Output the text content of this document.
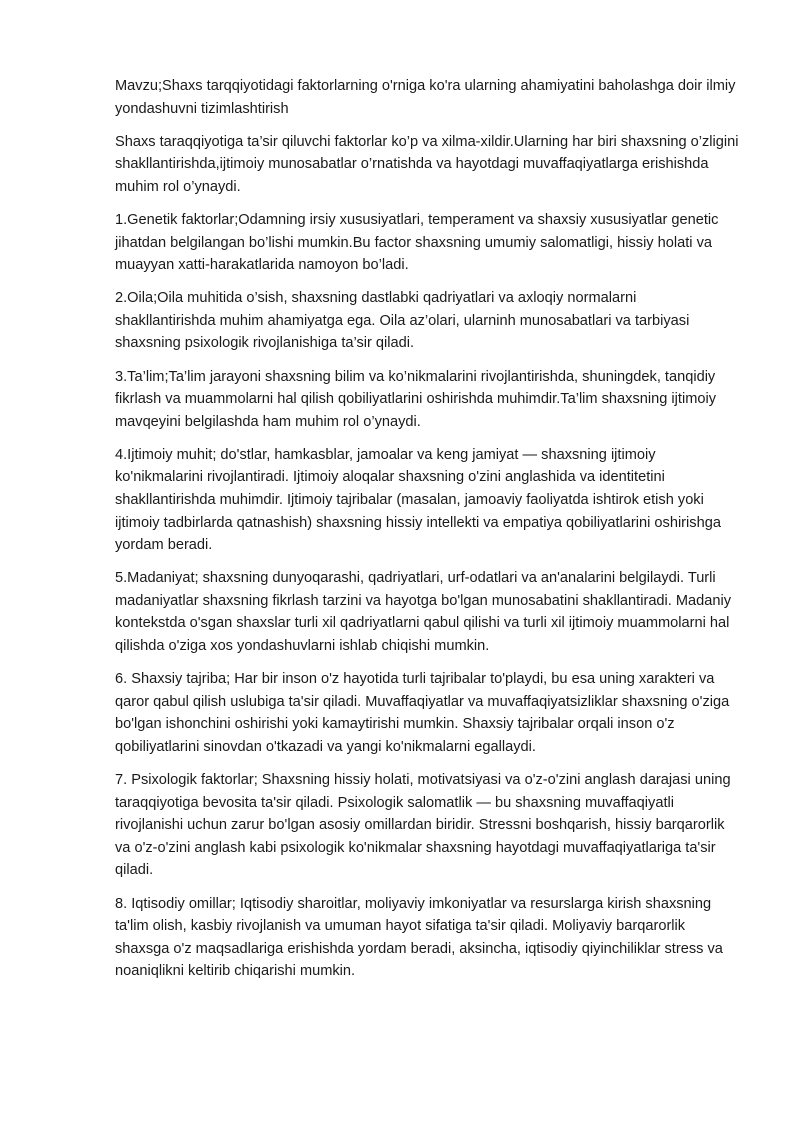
Mavzu;Shaxs tarqqiyotidagi faktorlarning o'rniga ko'ra ularning ahamiyatini baholashga doir ilmiy yondashuvni tizimlashtirish

Shaxs taraqqiyotiga ta’sir qiluvchi faktorlar ko’p va xilma-xildir.Ularning har biri shaxsning o’zligini shakllantirishda,ijtimoiy munosabatlar o’rnatishda va hayotdagi muvaffaqiyatlarga erishishda muhim rol o’ynaydi.

1.Genetik faktorlar;Odamning irsiy xususiyatlari, temperament va shaxsiy xususiyatlar genetic jihatdan belgilangan bo’lishi mumkin.Bu factor shaxsning umumiy salomatligi, hissiy holati va muayyan xatti-harakatlarida namoyon bo’ladi.

2.Oila;Oila muhitida o’sish, shaxsning dastlabki qadriyatlari va axloqiy normalarni shakllantirishda muhim ahamiyatga ega. Oila az’olari, ularninh munosabatlari va tarbiyasi shaxsning psixologik rivojlanishiga ta’sir qiladi.

3.Ta’lim;Ta’lim jarayoni shaxsning bilim va ko’nikmalarini rivojlantirishda, shuningdek, tanqidiy fikrlash va muammolarni hal qilish qobiliyatlarini oshirishda muhimdir.Ta’lim shaxsning ijtimoiy mavqeyini belgilashda ham muhim rol o’ynaydi.

4.Ijtimoiy muhit; do'stlar, hamkasblar, jamoalar va keng jamiyat — shaxsning ijtimoiy ko'nikmalarini rivojlantiradi. Ijtimoiy aloqalar shaxsning o'zini anglashida va identitetini shakllantirishda muhimdir. Ijtimoiy tajribalar (masalan, jamoaviy faoliyatda ishtirok etish yoki ijtimoiy tadbirlarda qatnashish) shaxsning hissiy intellekti va empatiya qobiliyatlarini oshirishga yordam beradi.

5.Madaniyat; shaxsning dunyoqarashi, qadriyatlari, urf-odatlari va an'analarini belgilaydi. Turli madaniyatlar shaxsning fikrlash tarzini va hayotga bo'lgan munosabatini shakllantiradi. Madaniy kontekstda o'sgan shaxslar turli xil qadriyatlarni qabul qilishi va turli xil ijtimoiy muammolarni hal qilishda o'ziga xos yondashuvlarni ishlab chiqishi mumkin.

6. Shaxsiy tajriba; Har bir inson o'z hayotida turli tajribalar to'playdi, bu esa uning xarakteri va qaror qabul qilish uslubiga ta'sir qiladi. Muvaffaqiyatlar va muvaffaqiyatsizliklar shaxsning o'ziga bo'lgan ishonchini oshirishi yoki kamaytirishi mumkin. Shaxsiy tajribalar orqali inson o'z qobiliyatlarini sinovdan o'tkazadi va yangi ko'nikmalarni egallaydi.

7. Psixologik faktorlar; Shaxsning hissiy holati, motivatsiyasi va o'z-o'zini anglash darajasi uning taraqqiyotiga bevosita ta'sir qiladi. Psixologik salomatlik — bu shaxsning muvaffaqiyatli rivojlanishi uchun zarur bo'lgan asosiy omillardan biridir. Stressni boshqarish, hissiy barqarorlik va o'z-o'zini anglash kabi psixologik ko'nikmalar shaxsning hayotdagi muvaffaqiyatlariga ta'sir qiladi.

8. Iqtisodiy omillar; Iqtisodiy sharoitlar, moliyaviy imkoniyatlar va resurslarga kirish shaxsning ta'lim olish, kasbiy rivojlanish va umuman hayot sifatiga ta'sir qiladi. Moliyaviy barqarorlik shaxsga o'z maqsadlariga erishishda yordam beradi, aksincha, iqtisodiy qiyinchiliklar stress va noaniqlikni keltirib chiqarishi mumkin.
